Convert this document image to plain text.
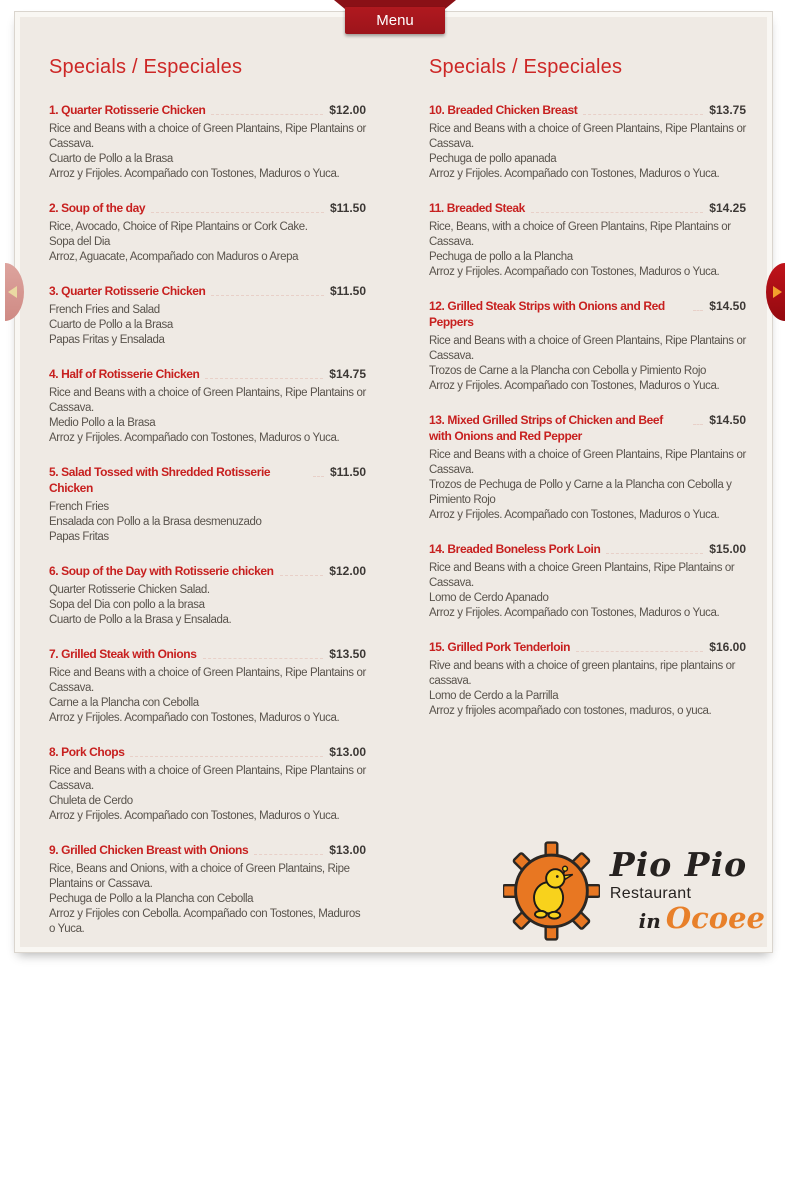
Specials / Especiales
1. Quarter Rotisserie Chicken	$12.00
Rice and Beans with a choice of Green Plantains, Ripe Plantains or Cassava.
Cuarto de Pollo a la Brasa
Arroz y Frijoles. Acompañado con Tostones, Maduros o Yuca.
2. Soup of the day	$11.50
Rice, Avocado, Choice of Ripe Plantains or Cork Cake.
Sopa del Dia
Arroz, Aguacate, Acompañado con Maduros o Arepa
3. Quarter Rotisserie Chicken	$11.50
French Fries and Salad
Cuarto de Pollo a la Brasa
Papas Fritas y Ensalada
4. Half of Rotisserie Chicken	$14.75
Rice and Beans with a choice of Green Plantains, Ripe Plantains or Cassava.
Medio Pollo a la Brasa
Arroz y Frijoles. Acompañado con Tostones, Maduros o Yuca.
5. Salad Tossed with Shredded Rotisserie Chicken
$11.50
French Fries
Ensalada con Pollo a la Brasa desmenuzado
Papas Fritas
6. Soup of the Day with Rotisserie chicken	$12.00
Quarter Rotisserie Chicken Salad.
Sopa del Dia con pollo a la brasa
Cuarto de Pollo a la Brasa y Ensalada.
7. Grilled Steak with Onions	$13.50
Rice and Beans with a choice of Green Plantains, Ripe Plantains or Cassava.
Carne a la Plancha con Cebolla
Arroz y Frijoles. Acompañado con Tostones, Maduros o Yuca.
8. Pork Chops	$13.00
Rice and Beans with a choice of Green Plantains, Ripe Plantains or Cassava.
Chuleta de Cerdo
Arroz y Frijoles. Acompañado con Tostones, Maduros o Yuca.
9. Grilled Chicken Breast with Onions	$13.00
Rice, Beans and Onions, with a choice of Green Plantains, Ripe Plantains or Cassava.
Pechuga de Pollo a la Plancha con Cebolla
Arroz y Frijoles con Cebolla. Acompañado con Tostones, Maduros o Yuca.
Specials / Especiales
10. Breaded Chicken Breast	$13.75
Rice and Beans with a choice of Green Plantains, Ripe Plantains or Cassava.
Pechuga de pollo apanada
Arroz y Frijoles. Acompañado con Tostones, Maduros o Yuca.
11. Breaded Steak	$14.25
Rice, Beans, with a choice of Green Plantains, Ripe Plantains or Cassava.
Pechuga de pollo a la Plancha
Arroz y Frijoles. Acompañado con Tostones, Maduros o Yuca.
12. Grilled Steak Strips with Onions and Red Peppers
$14.50
Rice and Beans with a choice of Green Plantains, Ripe Plantains or Cassava.
Trozos de Carne a la Plancha con Cebolla y Pimiento Rojo
Arroz y Frijoles. Acompañado con Tostones, Maduros o Yuca.
13. Mixed Grilled Strips of Chicken and Beef with Onions and Red Pepper
$14.50
Rice and Beans with a choice of Green Plantains, Ripe Plantains or Cassava.
Trozos de Pechuga de Pollo y Carne a la Plancha con Cebolla y Pimiento Rojo
Arroz y Frijoles. Acompañado con Tostones, Maduros o Yuca.
14. Breaded Boneless Pork Loin	$15.00
Rice and Beans with a choice Green Plantains, Ripe Plantains or Cassava.
Lomo de Cerdo Apanado
Arroz y Frijoles. Acompañado con Tostones, Maduros o Yuca.
15. Grilled Pork Tenderloin	$16.00
Rive and beans with a choice of green plantains, ripe plantains or cassava.
Lomo de Cerdo a la Parrilla
Arroz y frijoles acompañado con tostones, maduros, o yuca.
Menu
Pio Pio
Restaurant
in Ocoee
